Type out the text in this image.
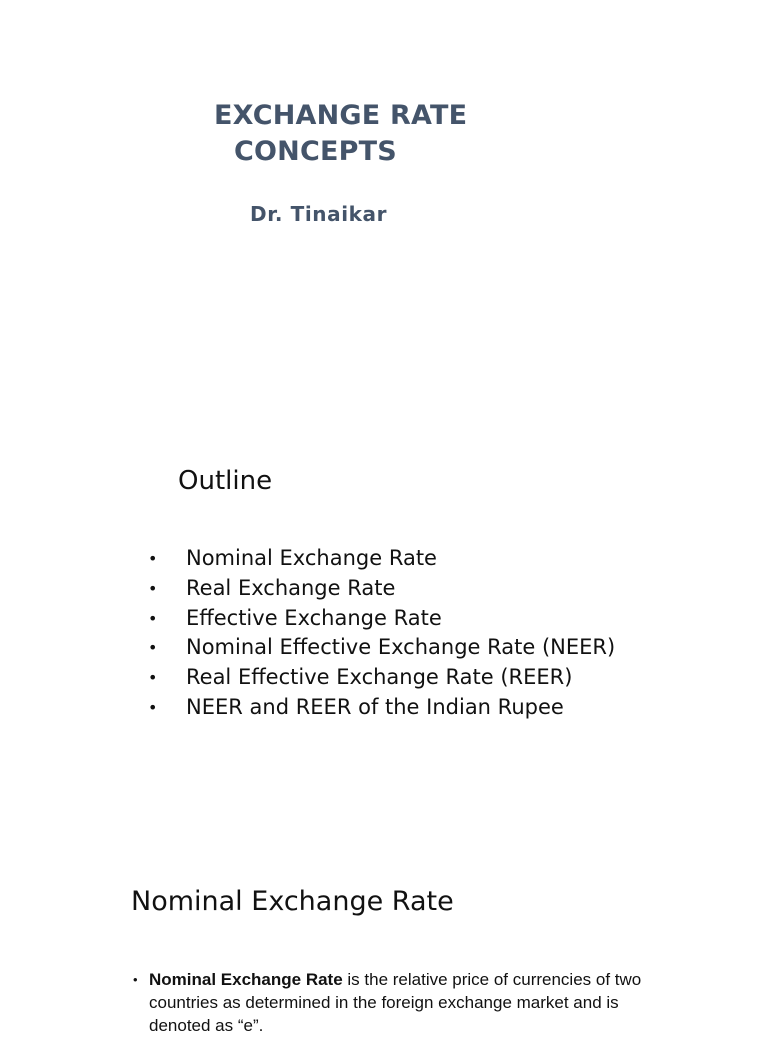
EXCHANGE RATE
CONCEPTS

Dr. Tinaikar

Outline
• Nominal Exchange Rate
• Real Exchange Rate
• Effective Exchange Rate
• Nominal Effective Exchange Rate (NEER)
• Real Effective Exchange Rate (REER)
• NEER and REER of the Indian Rupee
Nominal Exchange Rate

• Nominal Exchange Rate is the relative price of currencies of two countries as determined in the foreign exchange market and is denoted as “e”.
